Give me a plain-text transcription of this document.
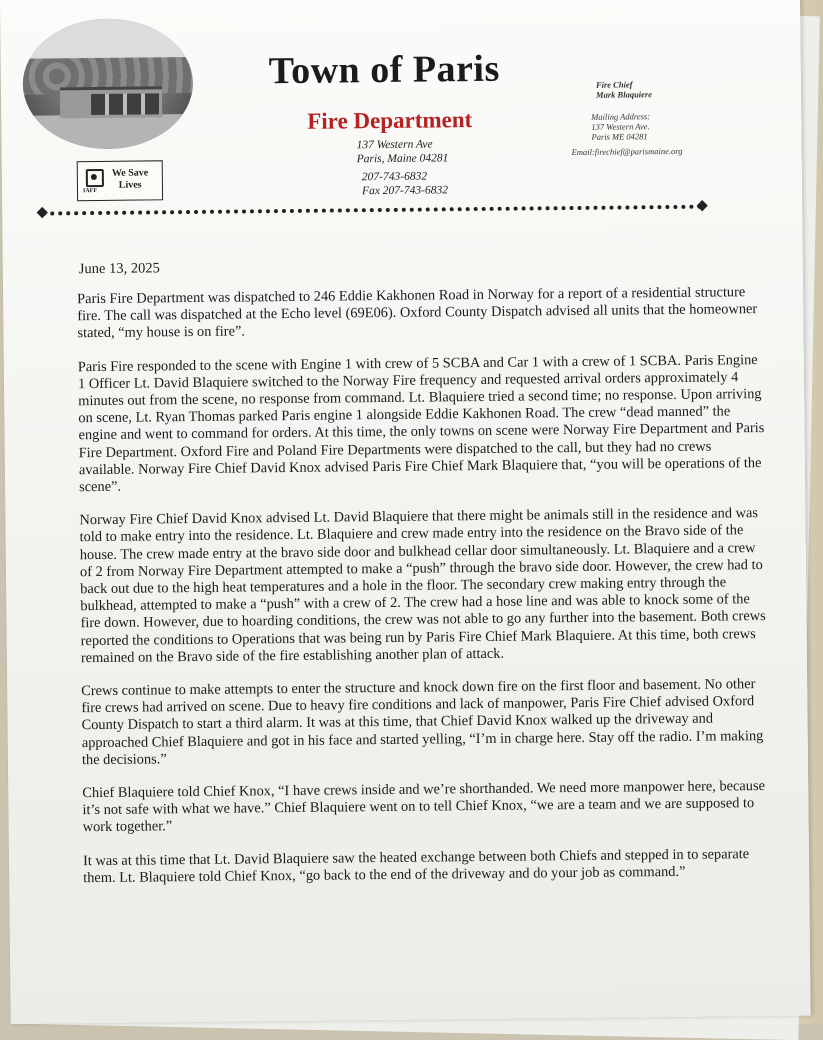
Town of Paris
Fire Department
137 Western Ave
Paris, Maine 04281
207-743-6832
Fax 207-743-6832
Fire Chief
Mark Blaquiere
Mailing Address:
137 Western Ave.
Paris ME 04281
Email:firechief@parismaine.org
IAFF
We Save
Lives
June 13, 2025

Paris Fire Department was dispatched to 246 Eddie Kakhonen Road in Norway for a report of a residential structure fire. The call was dispatched at the Echo level (69E06). Oxford County Dispatch advised all units that the homeowner stated, “my house is on fire”.

Paris Fire responded to the scene with Engine 1 with crew of 5 SCBA and Car 1 with a crew of 1 SCBA. Paris Engine 1 Officer Lt. David Blaquiere switched to the Norway Fire frequency and requested arrival orders approximately 4 minutes out from the scene, no response from command. Lt. Blaquiere tried a second time; no response. Upon arriving on scene, Lt. Ryan Thomas parked Paris engine 1 alongside Eddie Kakhonen Road. The crew “dead manned” the engine and went to command for orders. At this time, the only towns on scene were Norway Fire Department and Paris Fire Department. Oxford Fire and Poland Fire Departments were dispatched to the call, but they had no crews available. Norway Fire Chief David Knox advised Paris Fire Chief Mark Blaquiere that, “you will be operations of the scene”.

Norway Fire Chief David Knox advised Lt. David Blaquiere that there might be animals still in the residence and was told to make entry into the residence. Lt. Blaquiere and crew made entry into the residence on the Bravo side of the house. The crew made entry at the bravo side door and bulkhead cellar door simultaneously. Lt. Blaquiere and a crew of 2 from Norway Fire Department attempted to make a “push” through the bravo side door. However, the crew had to back out due to the high heat temperatures and a hole in the floor. The secondary crew making entry through the bulkhead, attempted to make a “push” with a crew of 2. The crew had a hose line and was able to knock some of the fire down. However, due to hoarding conditions, the crew was not able to go any further into the basement. Both crews reported the conditions to Operations that was being run by Paris Fire Chief Mark Blaquiere. At this time, both crews remained on the Bravo side of the fire establishing another plan of attack.

Crews continue to make attempts to enter the structure and knock down fire on the first floor and basement. No other fire crews had arrived on scene. Due to heavy fire conditions and lack of manpower, Paris Fire Chief advised Oxford County Dispatch to start a third alarm. It was at this time, that Chief David Knox walked up the driveway and approached Chief Blaquiere and got in his face and started yelling, “I’m in charge here. Stay off the radio. I’m making the decisions.”

Chief Blaquiere told Chief Knox, “I have crews inside and we’re shorthanded. We need more manpower here, because it’s not safe with what we have.” Chief Blaquiere went on to tell Chief Knox, “we are a team and we are supposed to work together.”

It was at this time that Lt. David Blaquiere saw the heated exchange between both Chiefs and stepped in to separate them. Lt. Blaquiere told Chief Knox, “go back to the end of the driveway and do your job as command.”
